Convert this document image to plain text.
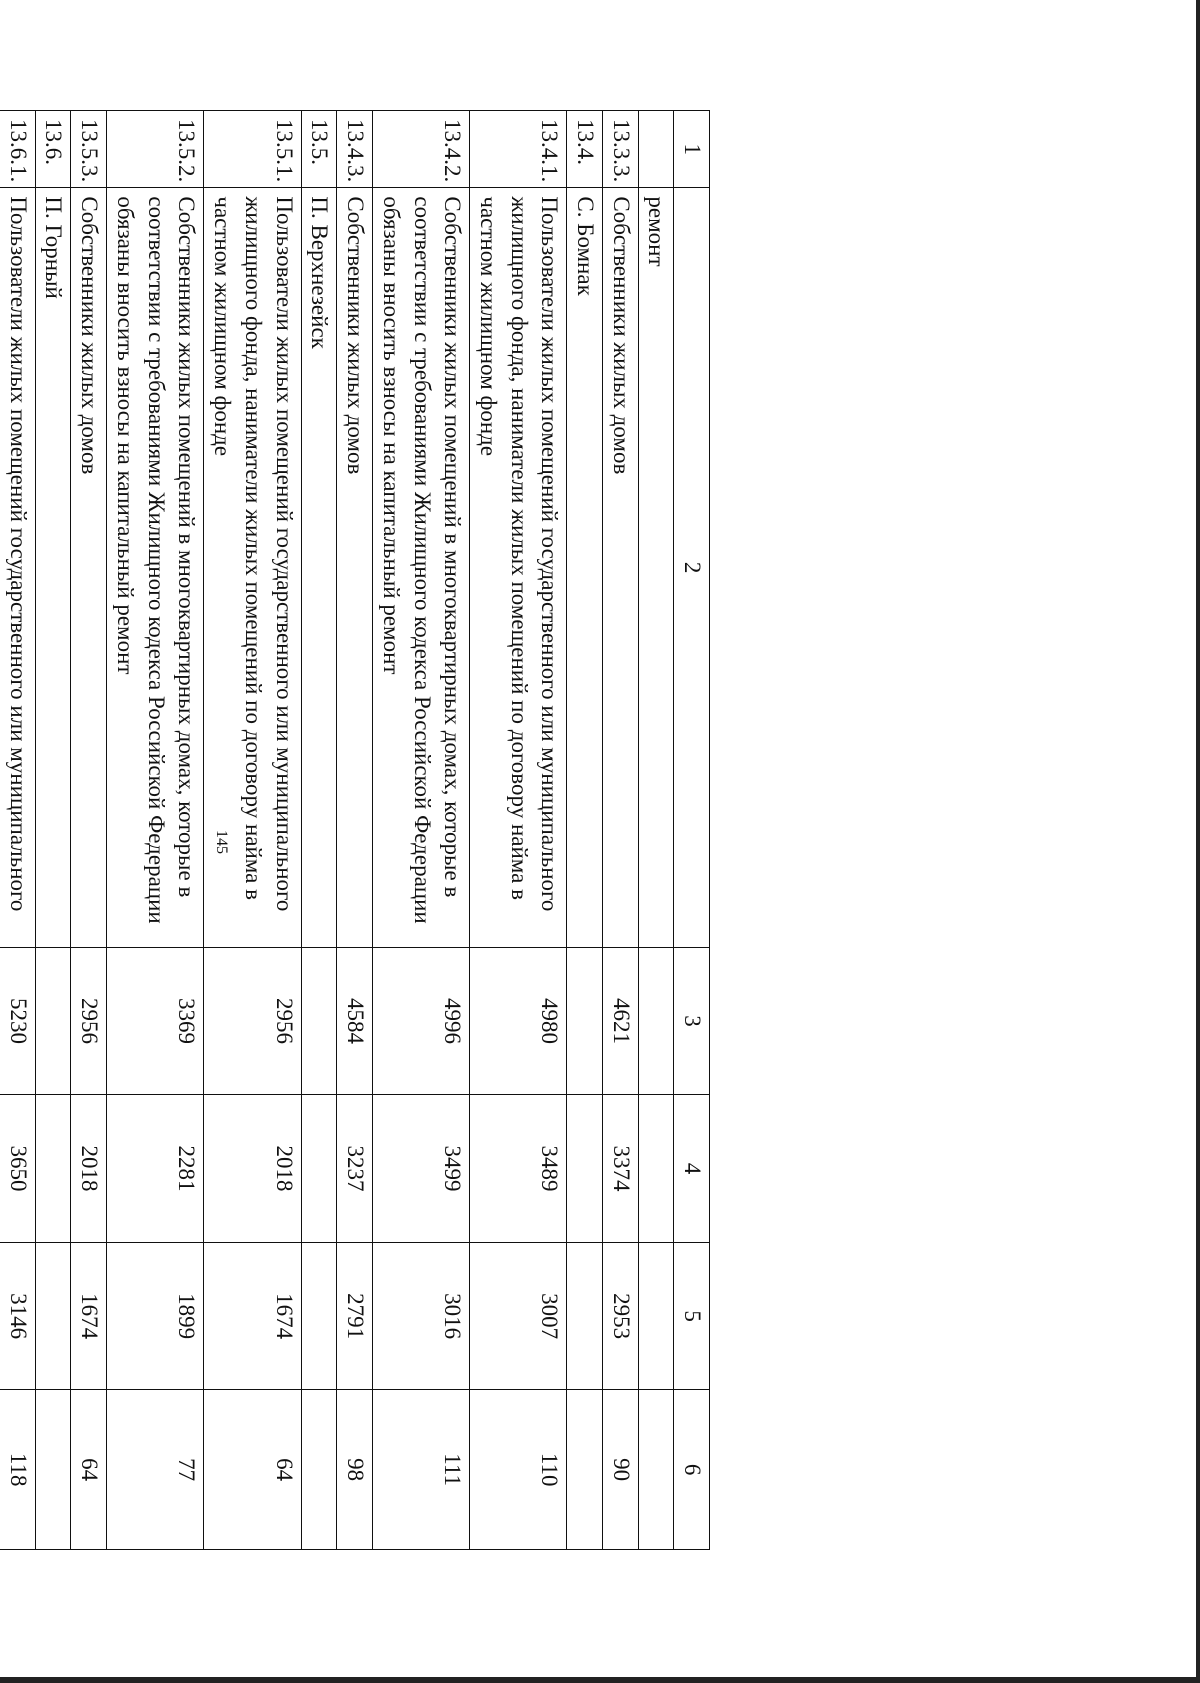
145
1	2	3	4	5	6
	ремонт				
13.3.3.	Собственники жилых домов	4621	3374	2953	90
13.4.	С. Бомнак				
13.4.1.	Пользователи жилых помещений государственного или муниципального жилищного фонда, наниматели жилых помещений по договору найма в частном жилищном фонде	4980	3489	3007	110
13.4.2.	Собственники жилых помещений в многоквартирных домах, которые в соответствии с требованиями Жилищного кодекса Российской Федерации обязаны вносить взносы на капитальный ремонт	4996	3499	3016	111
13.4.3.	Собственники жилых домов	4584	3237	2791	98
13.5.	П. Верхнезейск				
13.5.1.	Пользователи жилых помещений государственного или муниципального жилищного фонда, наниматели жилых помещений по договору найма в частном жилищном фонде	2956	2018	1674	64
13.5.2.	Собственники жилых помещений в многоквартирных домах, которые в соответствии с требованиями Жилищного кодекса Российской Федерации обязаны вносить взносы на капитальный ремонт	3369	2281	1899	77
13.5.3.	Собственники жилых домов	2956	2018	1674	64
13.6.	П. Горный				
13.6.1.	Пользователи жилых помещений государственного или муниципального	5230	3650	3146	118
